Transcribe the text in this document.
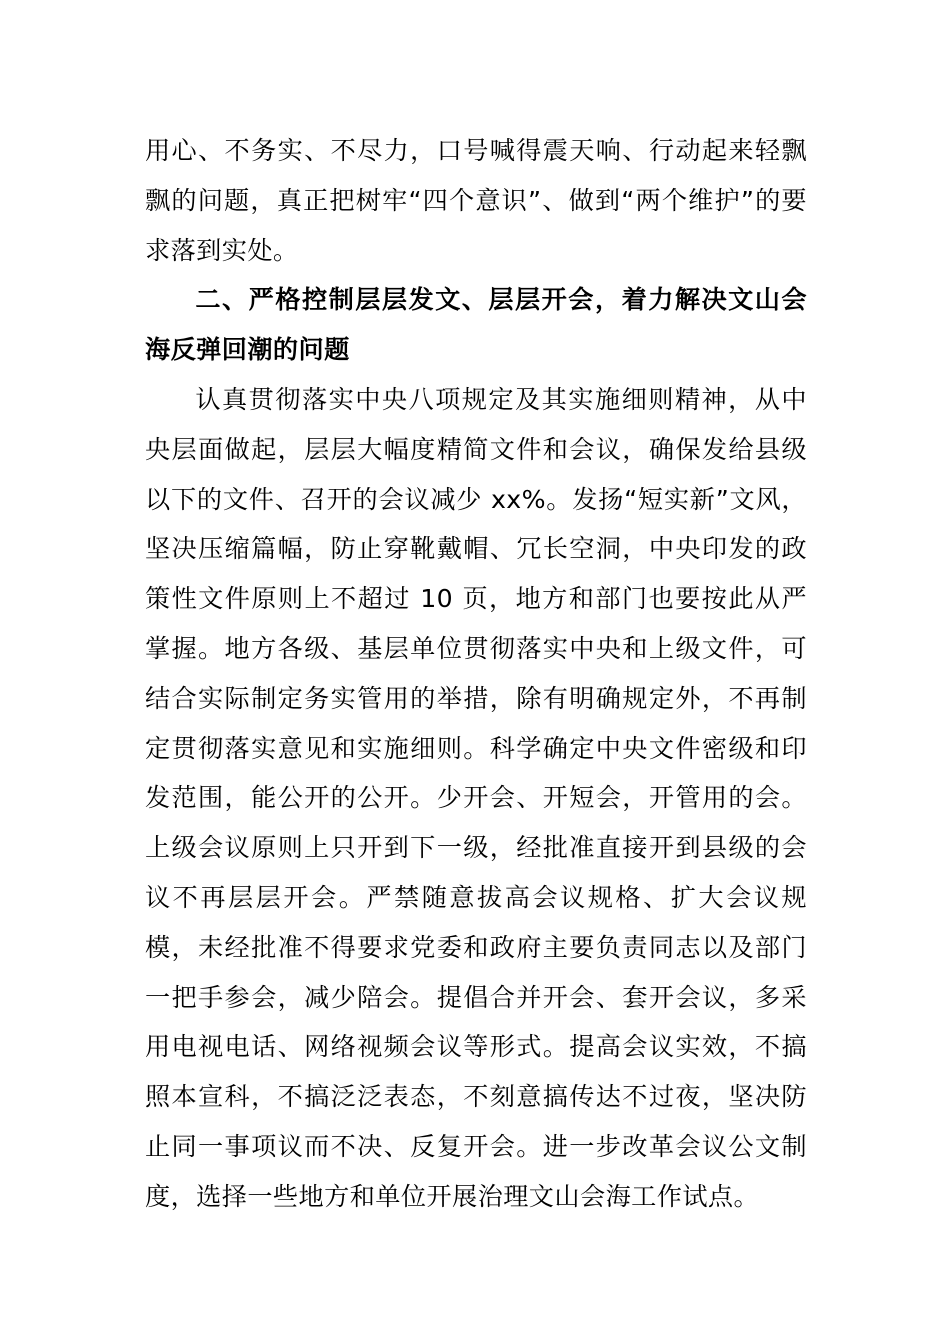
用心、不务实、不尽力，口号喊得震天响、行动起来轻飘飘的问题，真正把树牢“四个意识”、做到“两个维护”的要求落到实处。

二、严格控制层层发文、层层开会，着力解决文山会海反弹回潮的问题

认真贯彻落实中央八项规定及其实施细则精神，从中央层面做起，层层大幅度精简文件和会议，确保发给县级以下的文件、召开的会议减少 xx%。发扬“短实新”文风，坚决压缩篇幅，防止穿靴戴帽、冗长空洞，中央印发的政策性文件原则上不超过 10 页，地方和部门也要按此从严掌握。地方各级、基层单位贯彻落实中央和上级文件，可结合实际制定务实管用的举措，除有明确规定外，不再制定贯彻落实意见和实施细则。科学确定中央文件密级和印发范围，能公开的公开。少开会、开短会，开管用的会。上级会议原则上只开到下一级，经批准直接开到县级的会议不再层层开会。严禁随意拔高会议规格、扩大会议规模，未经批准不得要求党委和政府主要负责同志以及部门一把手参会，减少陪会。提倡合并开会、套开会议，多采用电视电话、网络视频会议等形式。提高会议实效，不搞照本宣科，不搞泛泛表态，不刻意搞传达不过夜，坚决防止同一事项议而不决、反复开会。进一步改革会议公文制度，选择一些地方和单位开展治理文山会海工作试点。
